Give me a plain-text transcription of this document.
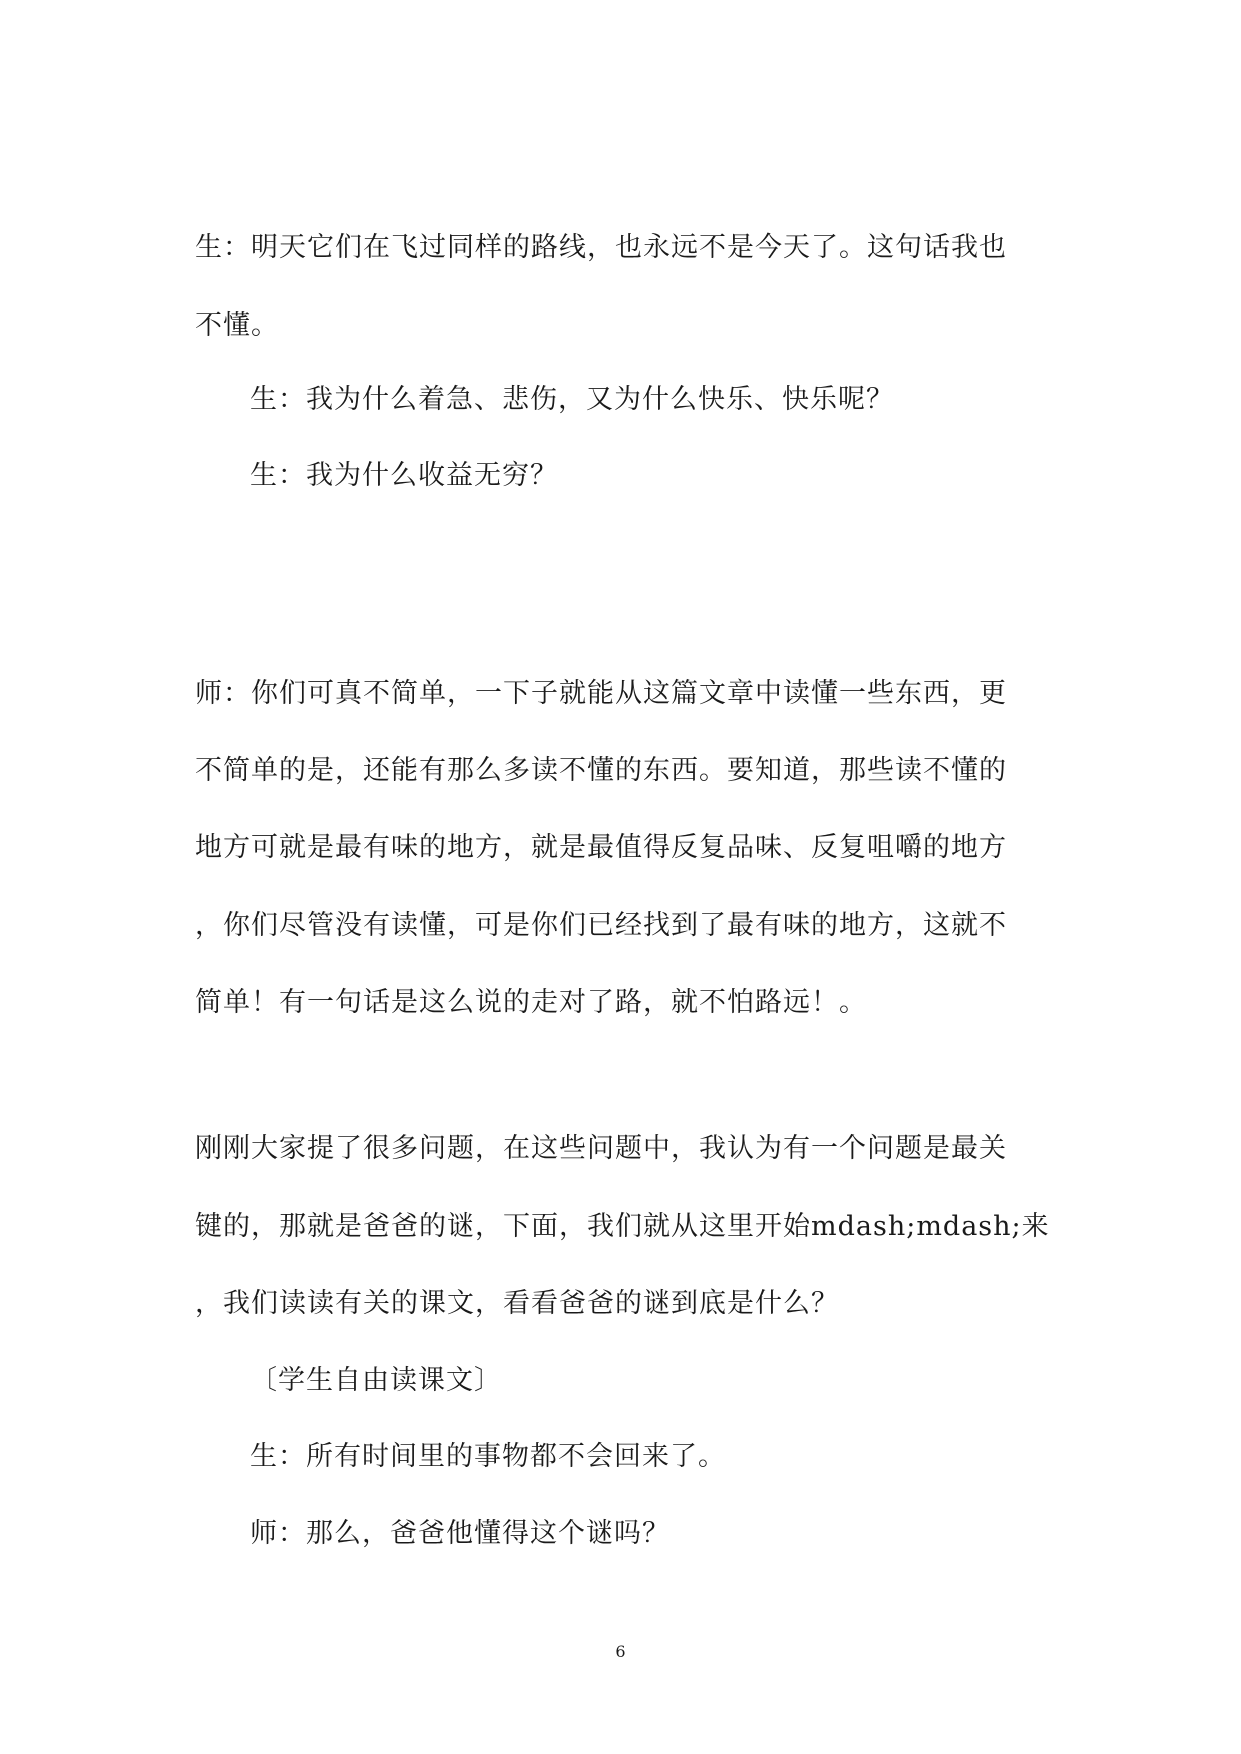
生：明天它们在飞过同样的路线，也永远不是今天了。这句话我也
不懂。
生：我为什么着急、悲伤，又为什么快乐、快乐呢？
生：我为什么收益无穷？
师：你们可真不简单，一下子就能从这篇文章中读懂一些东西，更
不简单的是，还能有那么多读不懂的东西。要知道，那些读不懂的
地方可就是最有味的地方，就是最值得反复品味、反复咀嚼的地方
，你们尽管没有读懂，可是你们已经找到了最有味的地方，这就不
简单！有一句话是这么说的走对了路，就不怕路远！。
刚刚大家提了很多问题，在这些问题中，我认为有一个问题是最关
键的，那就是爸爸的谜，下面，我们就从这里开始mdash;mdash;来
，我们读读有关的课文，看看爸爸的谜到底是什么？
〔学生自由读课文〕
生：所有时间里的事物都不会回来了。
师：那么，爸爸他懂得这个谜吗？
6
